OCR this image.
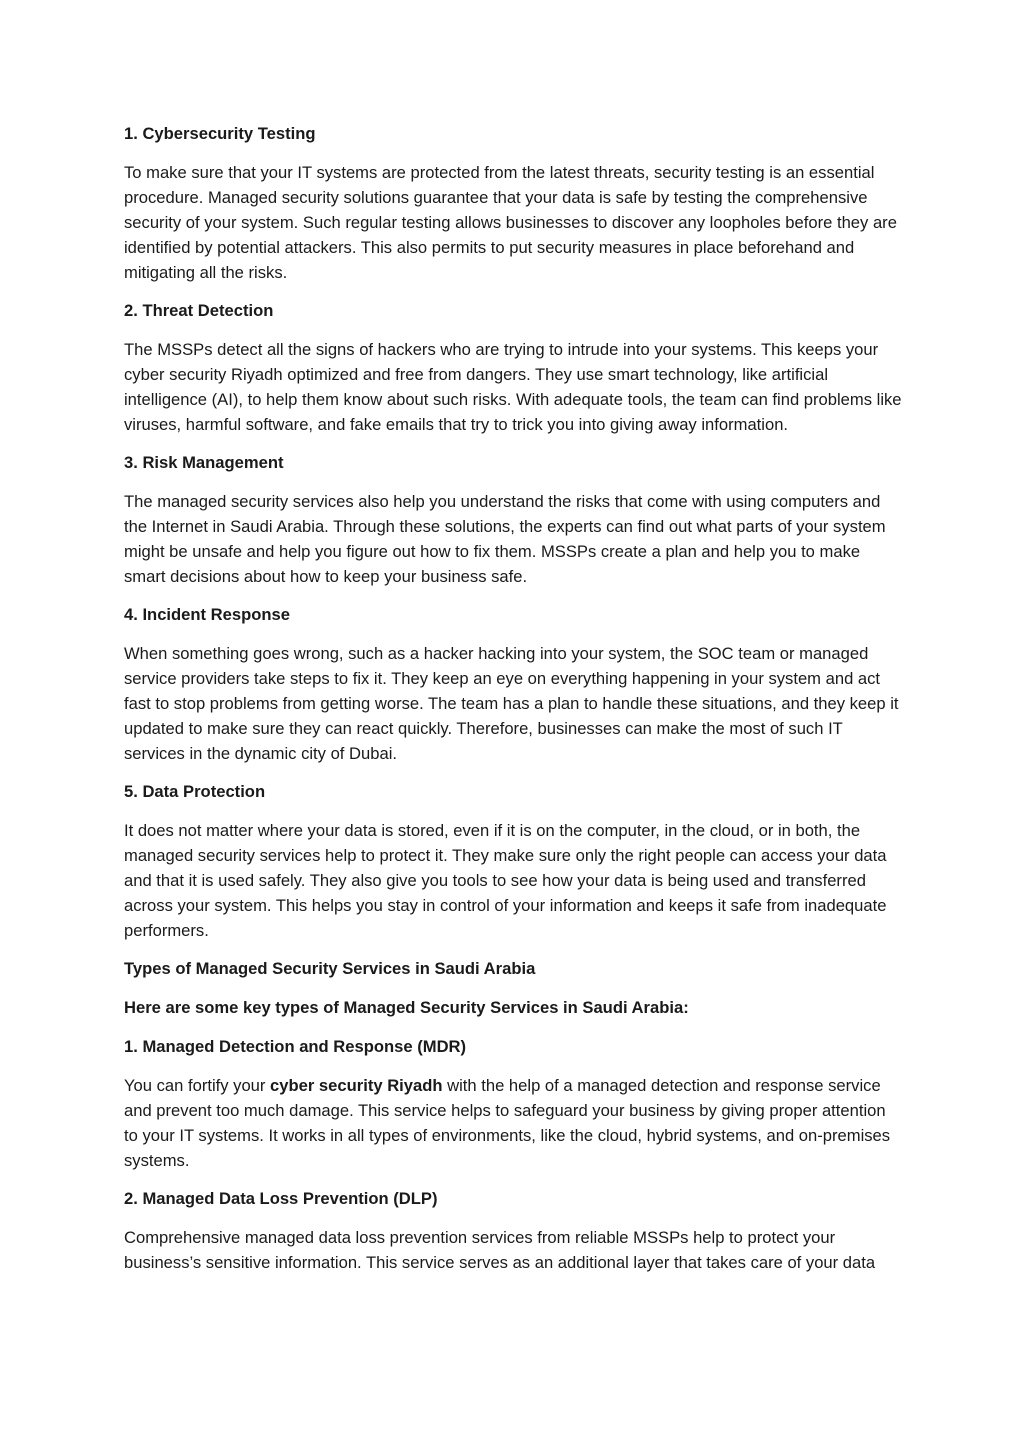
1. Cybersecurity Testing
To make sure that your IT systems are protected from the latest threats, security testing is an essential procedure. Managed security solutions guarantee that your data is safe by testing the comprehensive security of your system. Such regular testing allows businesses to discover any loopholes before they are identified by potential attackers. This also permits to put security measures in place beforehand and mitigating all the risks.
2. Threat Detection
The MSSPs detect all the signs of hackers who are trying to intrude into your systems. This keeps your cyber security Riyadh optimized and free from dangers. They use smart technology, like artificial intelligence (AI), to help them know about such risks. With adequate tools, the team can find problems like viruses, harmful software, and fake emails that try to trick you into giving away information.
3. Risk Management
The managed security services also help you understand the risks that come with using computers and the Internet in Saudi Arabia. Through these solutions, the experts can find out what parts of your system might be unsafe and help you figure out how to fix them. MSSPs create a plan and help you to make smart decisions about how to keep your business safe.
4. Incident Response
When something goes wrong, such as a hacker hacking into your system, the SOC team or managed service providers take steps to fix it. They keep an eye on everything happening in your system and act fast to stop problems from getting worse. The team has a plan to handle these situations, and they keep it updated to make sure they can react quickly. Therefore, businesses can make the most of such IT services in the dynamic city of Dubai.
5. Data Protection
It does not matter where your data is stored, even if it is on the computer, in the cloud, or in both, the managed security services help to protect it. They make sure only the right people can access your data and that it is used safely. They also give you tools to see how your data is being used and transferred across your system. This helps you stay in control of your information and keeps it safe from inadequate performers.
Types of Managed Security Services in Saudi Arabia
Here are some key types of Managed Security Services in Saudi Arabia:
1. Managed Detection and Response (MDR)
You can fortify your cyber security Riyadh with the help of a managed detection and response service and prevent too much damage. This service helps to safeguard your business by giving proper attention to your IT systems. It works in all types of environments, like the cloud, hybrid systems, and on-premises systems.
2. Managed Data Loss Prevention (DLP)
Comprehensive managed data loss prevention services from reliable MSSPs help to protect your business’s sensitive information. This service serves as an additional layer that takes care of your data
